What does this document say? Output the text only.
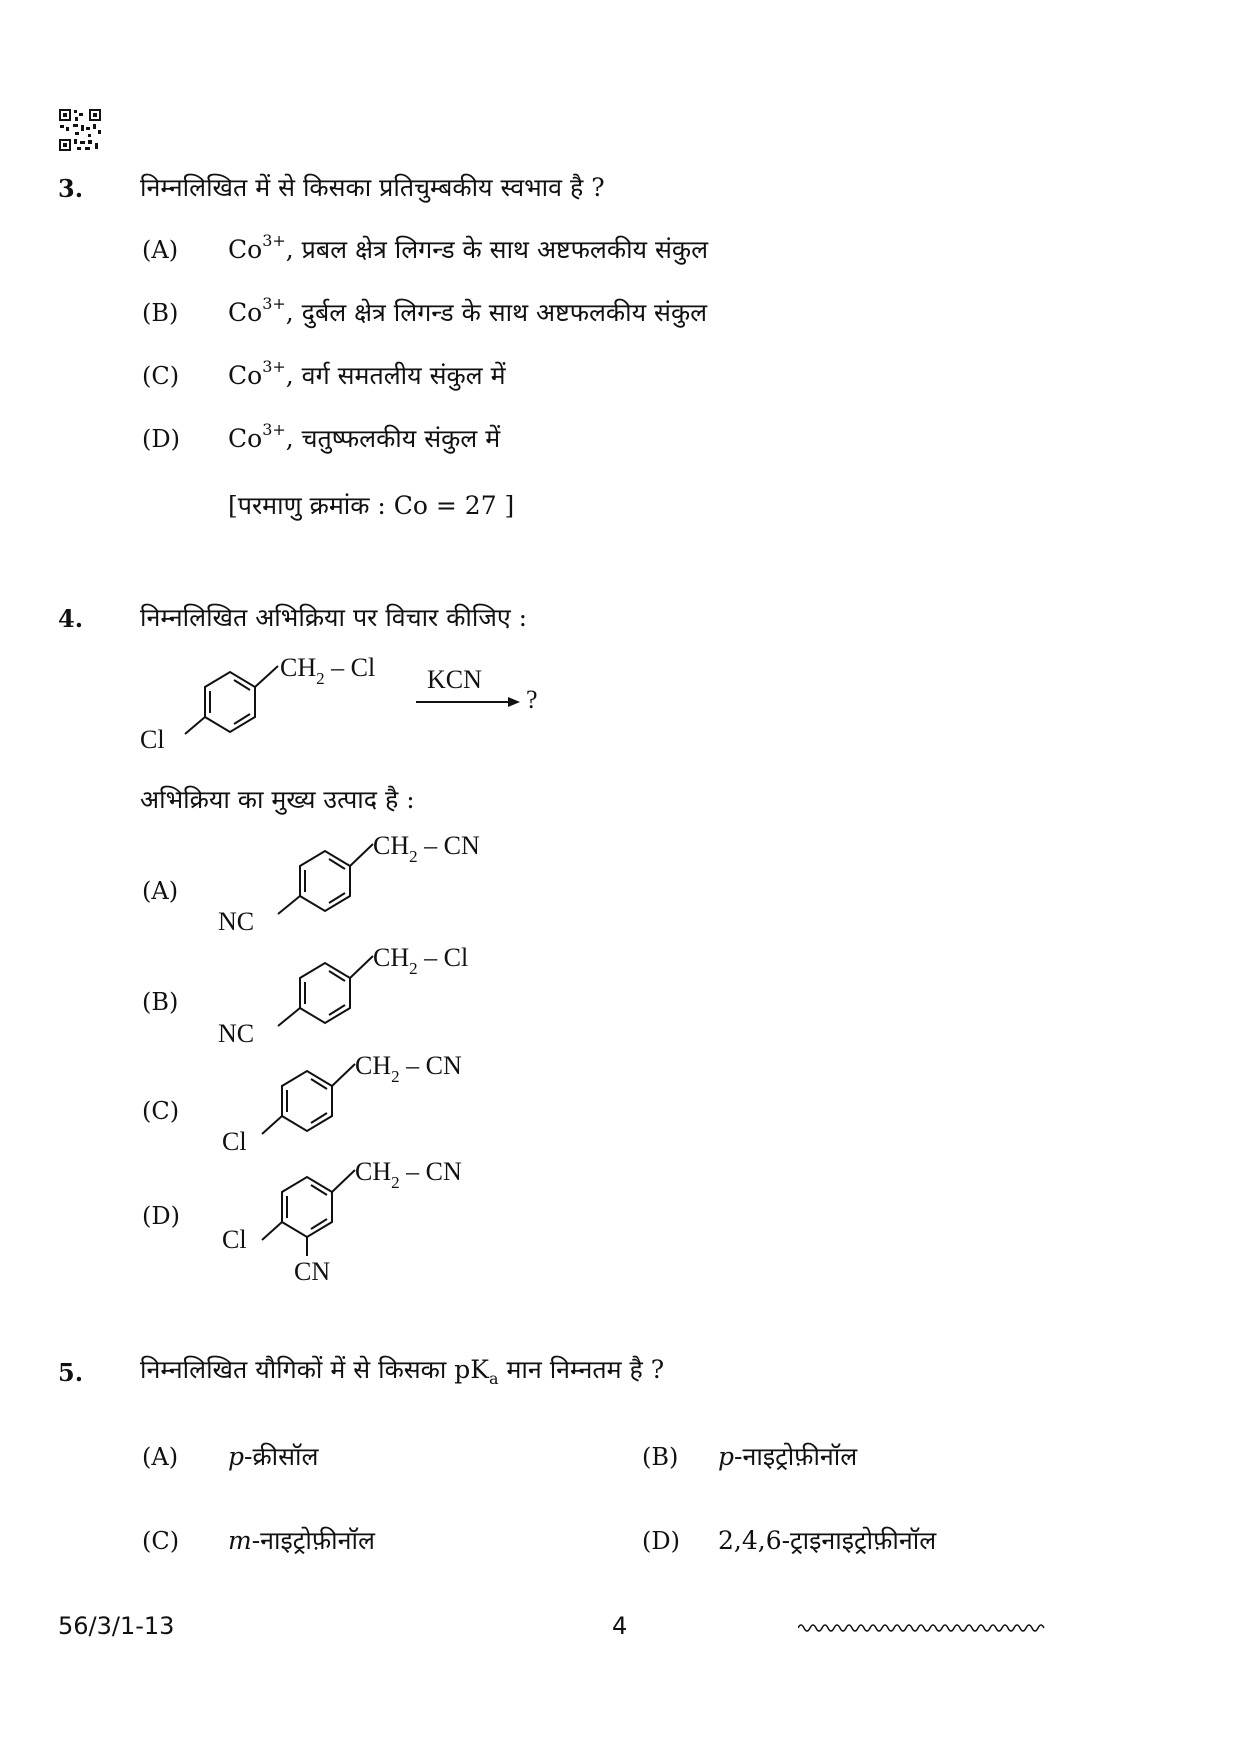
3. निम्नलिखित में से किसका प्रतिचुम्बकीय स्वभाव है ?
(A) $Co^{3+}$, प्रबल क्षेत्र लिगन्ड के साथ अष्टफलकीय संकुल
(B) $Co^{3+}$, दुर्बल क्षेत्र लिगन्ड के साथ अष्टफलकीय संकुल
(C) $Co^{3+}$, वर्ग समतलीय संकुल में
(D) $Co^{3+}$, चतुष्फलकीय संकुल में
[परमाणु क्रमांक : Co = 27 ]
4. निम्नलिखित अभिक्रिया पर विचार कीजिए :
$CH_2$ – Cl
Cl
KCN
?
अभिक्रिया का मुख्य उत्पाद है :
(A)
$CH_2$ – CN
NC
(B)
$CH_2$ – Cl
NC
(C)
$CH_2$ – CN
Cl
(D)
$CH_2$ – CN
Cl
CN
5. निम्नलिखित यौगिकों में से किसका $pK_a$ मान निम्नतम है ?
(A) p-क्रीसॉल	(B) p-नाइट्रोफ़ीनॉल
(C) m-नाइट्रोफ़ीनॉल	(D) 2,4,6-ट्राइनाइट्रोफ़ीनॉल
56/3/1-13	4
